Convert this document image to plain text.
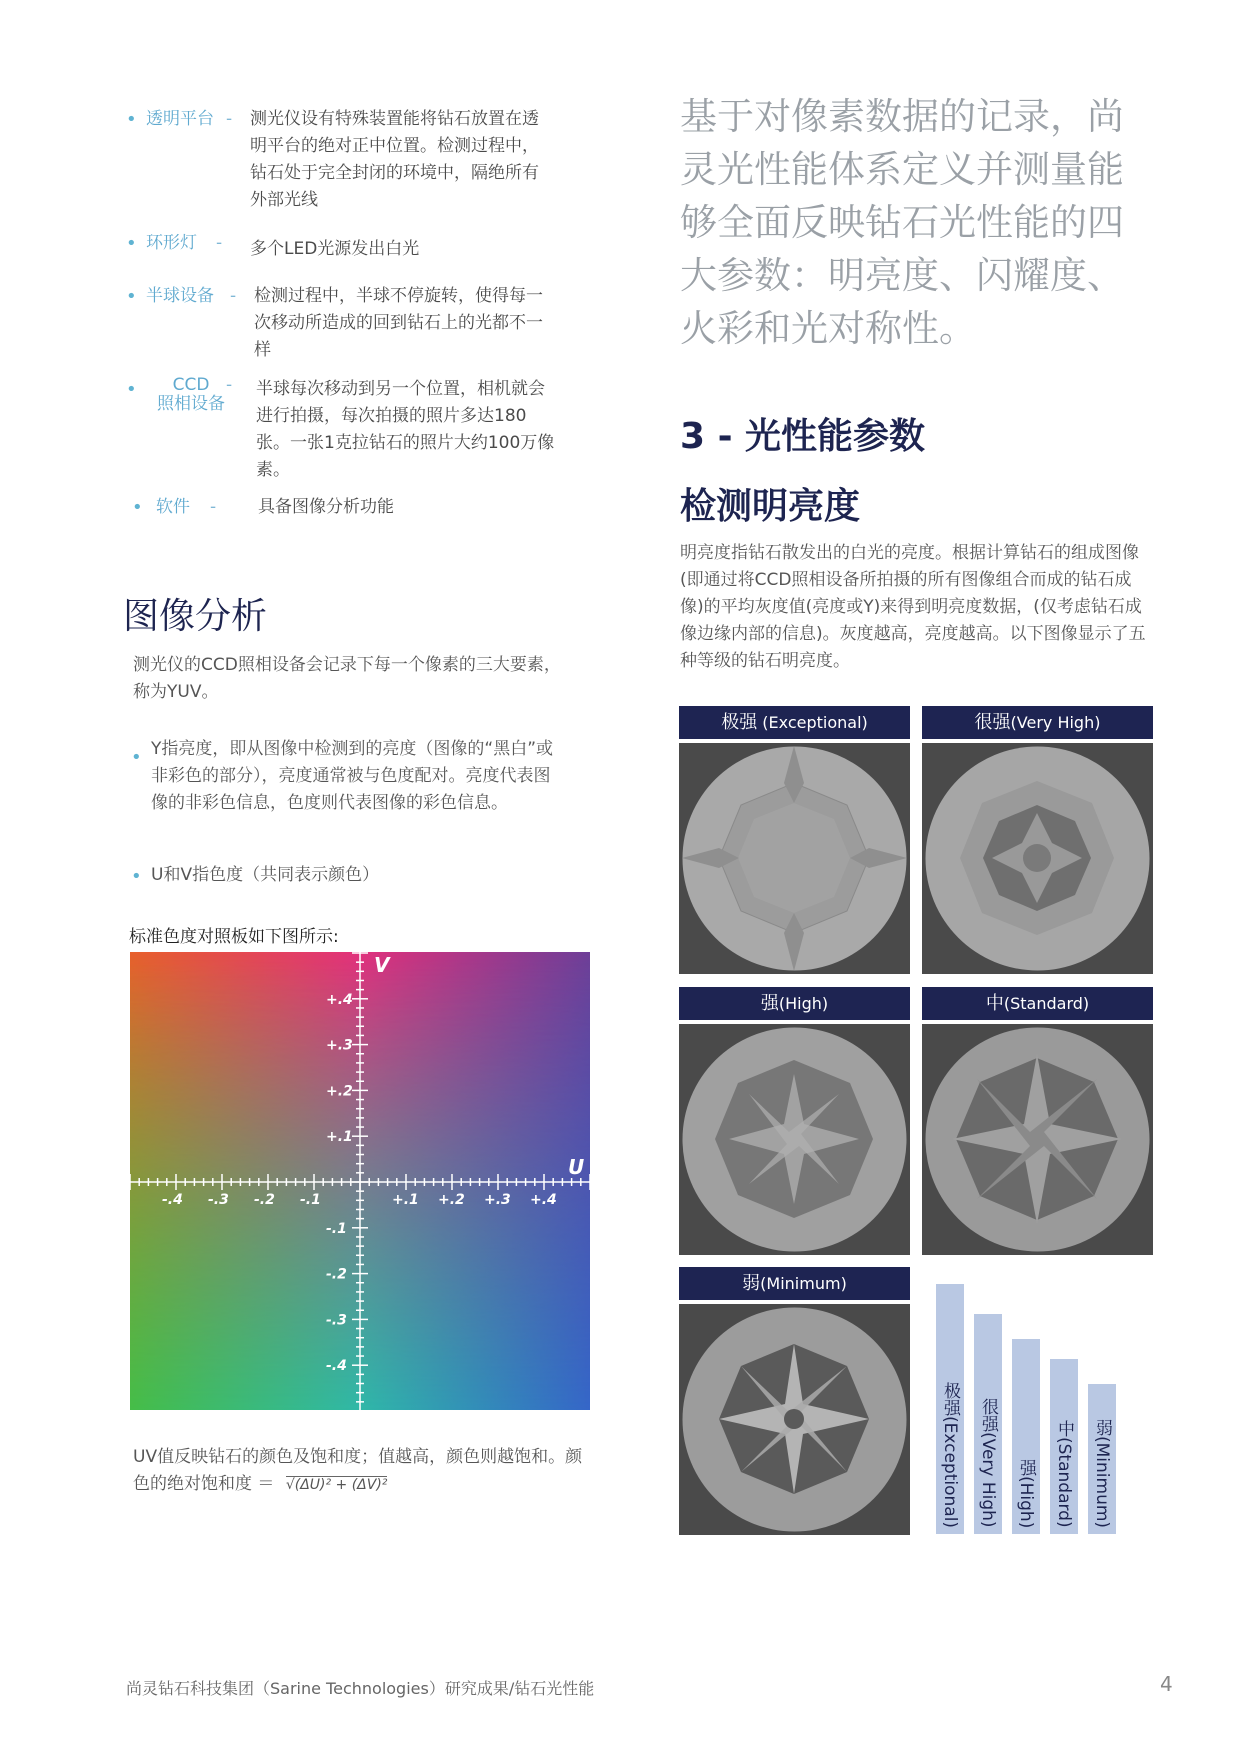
• 透明平台 - 测光仪设有特殊装置能将钻石放置在透明平台的绝对正中位置。检测过程中，钻石处于完全封闭的环境中，隔绝所有外部光线
• 环形灯	- 多个LED光源发出白光
• 半球设备 - 检测过程中，半球不停旋转，使得每一次移动所造成的回到钻石上的光都不一样
•	CCD
照相设备
- 半球每次移动到另一个位置，相机就会进行拍摄，每次拍摄的照片多达180张。一张1克拉钻石的照片大约100万像素。
• 软件	- 具备图像分析功能
图像分析
测光仪的CCD照相设备会记录下每一个像素的三大要素，称为YUV。
• Y指亮度，即从图像中检测到的亮度（图像的“黑白”或非彩色的部分），亮度通常被与色度配对。亮度代表图像的非彩色信息，色度则代表图像的彩色信息。
• U和V指色度（共同表示颜色）
标准色度对照板如下图所示:
-.4 -.3 -.2 -.1	+.1 +.2 +.3 +.4
+.4
+.3
+.2
+.1
-.1
-.2
-.3
-.4
V
U
UV值反映钻石的颜色及饱和度；值越高，颜色则越饱和。颜色的绝对饱和度 ＝ √(ΔU)² + (ΔV)²
基于对像素数据的记录，尚灵光性能体系定义并测量能够全面反映钻石光性能的四大参数：明亮度、闪耀度、火彩和光对称性。
3 - 光性能参数
检测明亮度
明亮度指钻石散发出的白光的亮度。根据计算钻石的组成图像(即通过将CCD照相设备所拍摄的所有图像组合而成的钻石成像)的平均灰度值(亮度或Y)来得到明亮度数据，(仅考虑钻石成像边缘内部的信息)。灰度越高，亮度越高。以下图像显示了五种等级的钻石明亮度。
极强 (Exceptional)	很强(Very High)
强(High)	中(Standard)
弱(Minimum)
极强(Exceptional) 很强(Very High) 强(High) 中(Standard) 弱(Minimum)
尚灵钻石科技集团（Sarine Technologies）研究成果/钻石光性能	4
